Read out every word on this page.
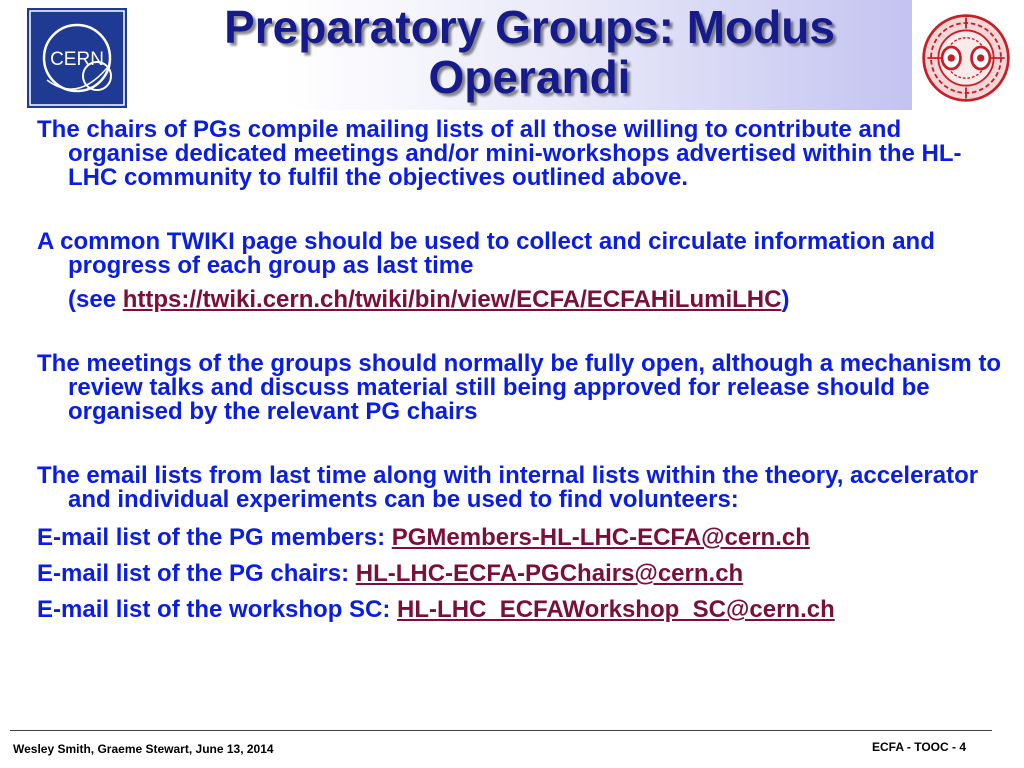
Preparatory Groups: Modus
Operandi
CERN

The chairs of PGs compile mailing lists of all those willing to contribute and organise dedicated meetings and/or mini-workshops advertised within the HL-LHC community to fulfil the objectives outlined above.

A common TWIKI page should be used to collect and circulate information and progress of each group as last time

(see https://twiki.cern.ch/twiki/bin/view/ECFA/ECFAHiLumiLHC)

The meetings of the groups should normally be fully open, although a mechanism to review talks and discuss material still being approved for release should be organised by the relevant PG chairs

The email lists from last time along with internal lists within the theory, accelerator and individual experiments can be used to find volunteers:

E-mail list of the PG members: PGMembers-HL-LHC-ECFA@cern.ch

E-mail list of the PG chairs: HL-LHC-ECFA-PGChairs@cern.ch

E-mail list of the workshop SC: HL-LHC_ECFAWorkshop_SC@cern.ch

Wesley Smith, Graeme Stewart, June 13, 2014	ECFA - TOOC - 4
